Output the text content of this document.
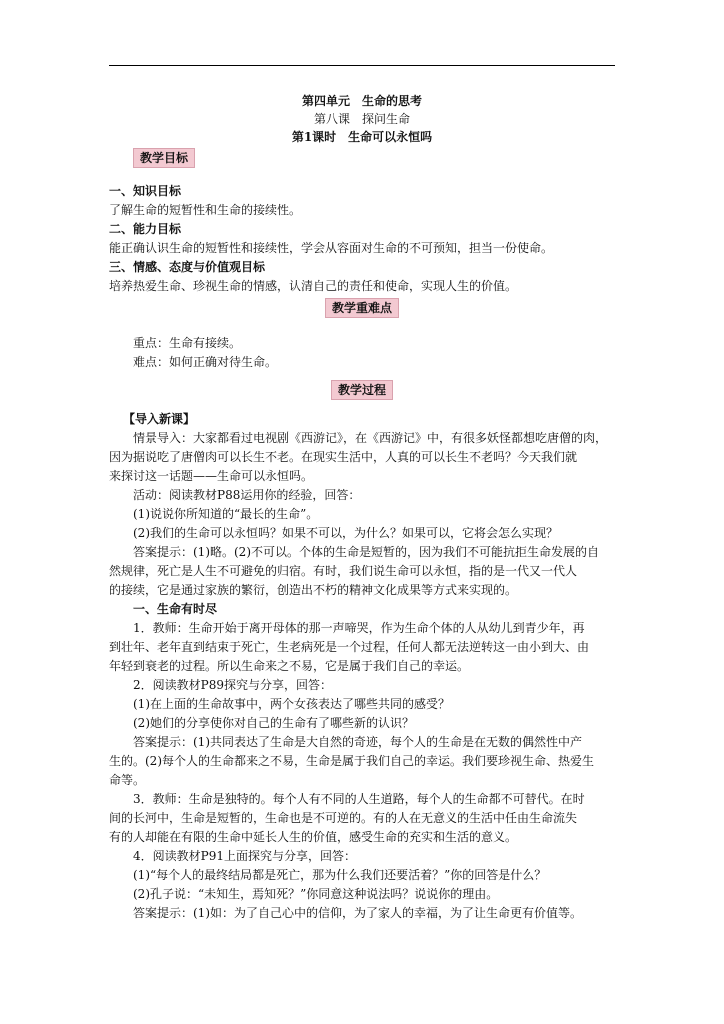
第四单元　生命的思考
第八课　探问生命
第1课时　生命可以永恒吗
教学目标
一、知识目标
了解生命的短暂性和生命的接续性。
二、能力目标
能正确认识生命的短暂性和接续性，学会从容面对生命的不可预知，担当一份使命。
三、情感、态度与价值观目标
培养热爱生命、珍视生命的情感，认清自己的责任和使命，实现人生的价值。
教学重难点
重点：生命有接续。
难点：如何正确对待生命。
教学过程
【导入新课】
情景导入：大家都看过电视剧《西游记》，在《西游记》中，有很多妖怪都想吃唐僧的肉，
因为据说吃了唐僧肉可以长生不老。在现实生活中，人真的可以长生不老吗？今天我们就
来探讨这一话题——生命可以永恒吗。
活动：阅读教材P88运用你的经验，回答：
(1)说说你所知道的“最长的生命”。
(2)我们的生命可以永恒吗？如果不可以，为什么？如果可以，它将会怎么实现？
答案提示：(1)略。(2)不可以。个体的生命是短暂的，因为我们不可能抗拒生命发展的自
然规律，死亡是人生不可避免的归宿。有时，我们说生命可以永恒，指的是一代又一代人
的接续，它是通过家族的繁衍，创造出不朽的精神文化成果等方式来实现的。
一、生命有时尽
1．教师：生命开始于离开母体的那一声啼哭，作为生命个体的人从幼儿到青少年，再
到壮年、老年直到结束于死亡，生老病死是一个过程，任何人都无法逆转这一由小到大、由
年轻到衰老的过程。所以生命来之不易，它是属于我们自己的幸运。
2．阅读教材P89探究与分享，回答：
(1)在上面的生命故事中，两个女孩表达了哪些共同的感受？
(2)她们的分享使你对自己的生命有了哪些新的认识？
答案提示：(1)共同表达了生命是大自然的奇迹，每个人的生命是在无数的偶然性中产
生的。(2)每个人的生命都来之不易，生命是属于我们自己的幸运。我们要珍视生命、热爱生
命等。
3．教师：生命是独特的。每个人有不同的人生道路，每个人的生命都不可替代。在时
间的长河中，生命是短暂的，生命也是不可逆的。有的人在无意义的生活中任由生命流失
有的人却能在有限的生命中延长人生的价值，感受生命的充实和生活的意义。
4．阅读教材P91上面探究与分享，回答：
(1)“每个人的最终结局都是死亡，那为什么我们还要活着？”你的回答是什么？
(2)孔子说：“未知生，焉知死？”你同意这种说法吗？说说你的理由。
答案提示：(1)如：为了自己心中的信仰，为了家人的幸福，为了让生命更有价值等。
